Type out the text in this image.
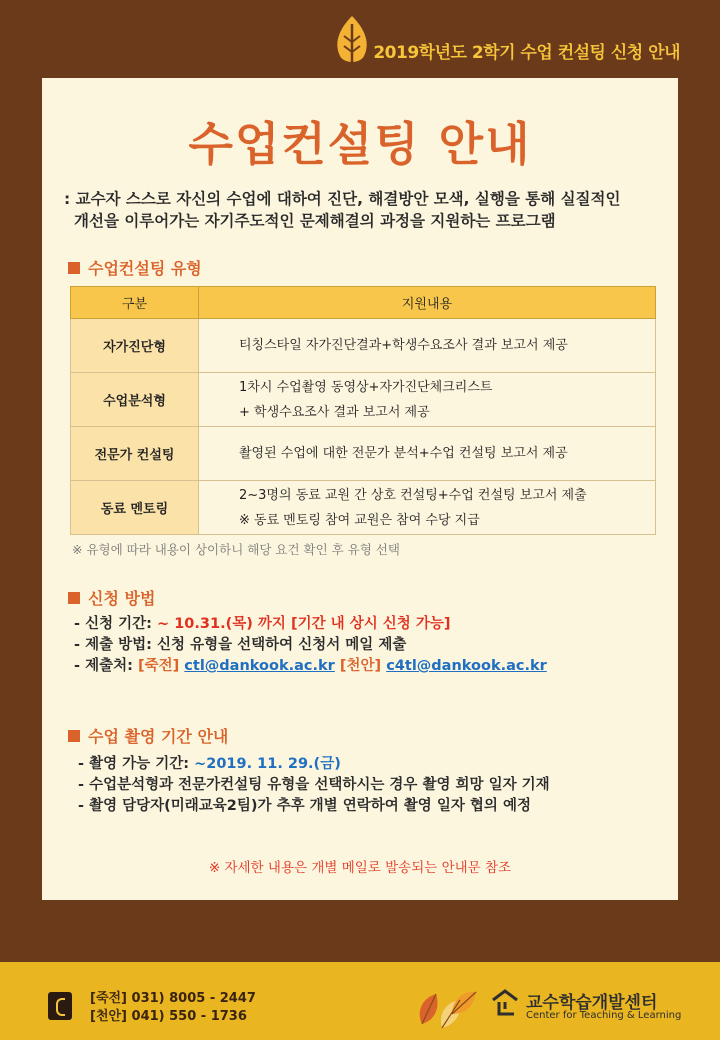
2019학년도 2학기 수업 컨설팅 신청 안내
수업컨설팅 안내
: 교수자 스스로 자신의 수업에 대하여 진단, 해결방안 모색, 실행을 통해 실질적인
개선을 이루어가는 자기주도적인 문제해결의 과정을 지원하는 프로그램
수업컨설팅 유형
구분	지원내용
자가진단형	티칭스타일 자가진단결과+학생수요조사 결과 보고서 제공

수업분석형	1차시 수업촬영 동영상+자가진단체크리스트
+ 학생수요조사 결과 보고서 제공

전문가 컨설팅	촬영된 수업에 대한 전문가 분석+수업 컨설팅 보고서 제공

동료 멘토링	2~3명의 동료 교원 간 상호 컨설팅+수업 컨설팅 보고서 제출
※ 동료 멘토링 참여 교원은 참여 수당 지급
※ 유형에 따라 내용이 상이하니 해당 요건 확인 후 유형 선택
신청 방법
- 신청 기간: ~ 10.31.(목) 까지 [기간 내 상시 신청 가능]
- 제출 방법: 신청 유형을 선택하여 신청서 메일 제출
- 제출처: [죽전] ctl@dankook.ac.kr [천안] c4tl@dankook.ac.kr
수업 촬영 기간 안내
- 촬영 가능 기간: ~2019. 11. 29.(금)
- 수업분석형과 전문가컨설팅 유형을 선택하시는 경우 촬영 희망 일자 기재
- 촬영 담당자(미래교육2팀)가 추후 개별 연락하여 촬영 일자 협의 예정
※ 자세한 내용은 개별 메일로 발송되는 안내문 참조
[죽전] 031) 8005 - 2447
[천안] 041) 550 - 1736
교수학습개발센터
Center for Teaching & Learning
